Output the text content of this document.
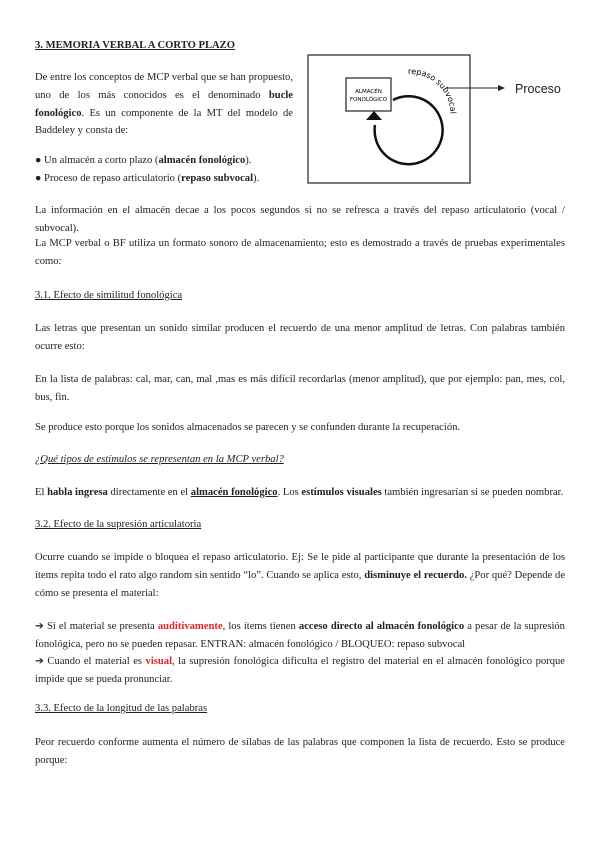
3. MEMORIA VERBAL A CORTO PLAZO
De entre los conceptos de MCP verbal que se han propuesto, uno de los más conocidos es el denominado bucle fonológico. Es un componente de la MT del modelo de Baddeley y consta de:
● Un almacén a corto plazo (almacén fonológico).
● Proceso de repaso articulatorio (repaso subvocal).
ALMACÉN
FONOLÓGICO
repaso subvocal
Proceso
La información en el almacén decae a los pocos segundos si no se refresca a través del repaso articulatorio (vocal / subvocal).
La MCP verbal o BF utiliza un formato sonoro de almacenamiento; esto es demostrado a través de pruebas experimentales como:
3.1. Efecto de similitud fonológica
Las letras que presentan un sonido similar producen el recuerdo de una menor amplitud de letras. Con palabras también ocurre esto:
En la lista de palabras: cal, mar, can, mal ,mas es más difícil recordarlas (menor amplitud), que por ejemplo: pan, mes, col, bus, fin.
Se produce esto porque los sonidos almacenados se parecen y se confunden durante la recuperación.
¿Qué tipos de estímulos se representan en la MCP verbal?
El habla ingresa directamente en el almacén fonológico. Los estímulos visuales también ingresarían si se pueden nombrar.
3.2. Efecto de la supresión articulatoria
Ocurre cuando se impide o bloquea el repaso articulatorio. Ej: Se le pide al participante que durante la presentación de los ítems repita todo el rato algo random sin sentido “lo”. Cuando se aplica esto, disminuye el recuerdo. ¿Por qué? Depende de cómo se presenta el material:
➔ Si el material se presenta auditivamente, los ítems tienen acceso directo al almacén fonológico a pesar de la supresión fonológica, pero no se pueden repasar. ENTRAN: almacén fonológico / BLOQUEO: repaso subvocal
➔ Cuando el material es visual, la supresión fonológica dificulta el registro del material en el almacén fonológico porque impide que se pueda pronunciar.
3.3. Efecto de la longitud de las palabras
Peor recuerdo conforme aumenta el número de sílabas de las palabras que componen la lista de recuerdo. Esto se produce porque:
